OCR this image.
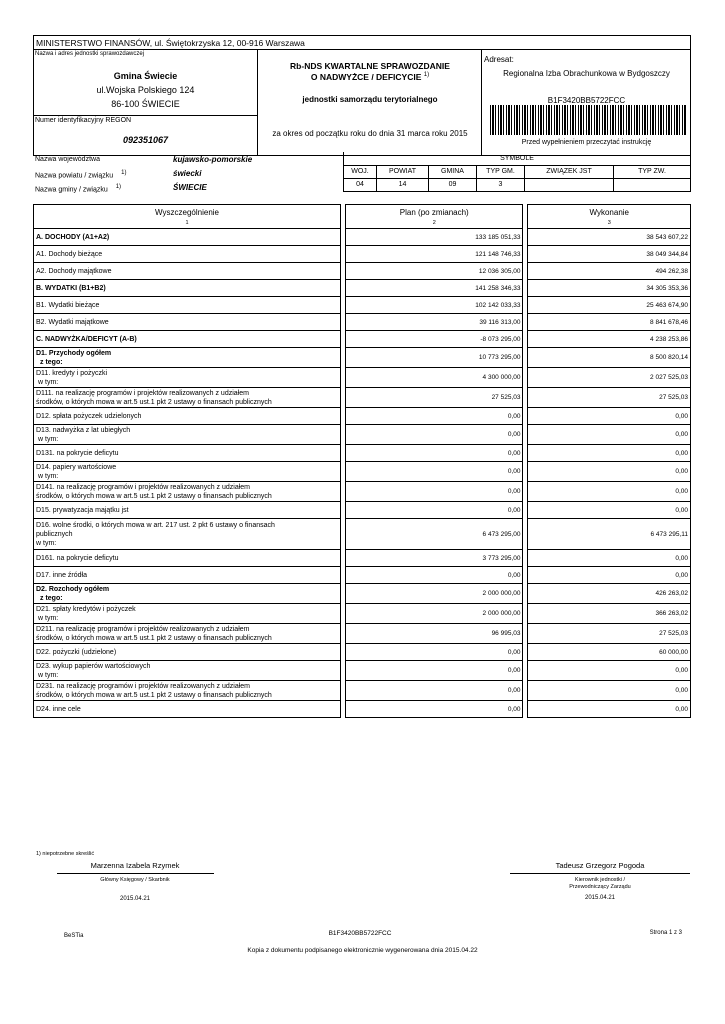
MINISTERSTWO FINANSÓW, ul. Świętokrzyska 12, 00-916 Warszawa
Nazwa i adres jednostki sprawozdawczej
Gmina Świecie
ul.Wojska Polskiego 124
86-100 ŚWIECIE
Numer identyfikacyjny REGON
092351067
Rb-NDS KWARTALNE SPRAWOZDANIE
O NADWYŻCE / DEFICYCIE $^{1)}$
jednostki samorządu terytorialnego
za okres od początku roku do dnia 31 marca roku 2015
Adresat:
Regionalna Izba Obrachunkowa w Bydgoszczy
B1F3420BB5722FCC
Przed wypełnieniem przeczytać instrukcję
Nazwa województwa	kujawsko-pomorskie
Nazwa powiatu / związku $^{1)}$	świecki
Nazwa gminy / związku $^{1)}$	ŚWIECIE
SYMBOLE					
WOJ.	POWIAT	GMINA	TYP GM.	ZWIĄZEK JST	TYP ZW.
04	14	09	3		
Wyszczególnienie		Plan (po zmianach)		Wykonanie
1		2		3

A. DOCHODY (A1+A2)		133 185 051,33		38 543 607,22

A1. Dochody bieżące		121 148 746,33		38 049 344,84

A2. Dochody majątkowe		12 036 305,00		494 262,38

B. WYDATKI (B1+B2)		141 258 346,33		34 305 353,36

B1. Wydatki bieżące		102 142 033,33		25 463 674,90

B2. Wydatki majątkowe		39 116 313,00		8 841 678,46

C. NADWYŻKA/DEFICYT (A-B)		-8 073 295,00		4 238 253,86

D1. Przychody ogółem
z tego:		10 773 295,00		8 500 820,14

D11. kredyty i pożyczki
w tym:		4 300 000,00		2 027 525,03

D111. na realizację programów i projektów realizowanych z udziałem
środków, o których mowa w art.5 ust.1 pkt 2 ustawy o finansach publicznych		27 525,03		27 525,03

D12. spłata pożyczek udzielonych		0,00		0,00

D13. nadwyżka z lat ubiegłych
w tym:		0,00		0,00

D131. na pokrycie deficytu		0,00		0,00

D14. papiery wartościowe
w tym:		0,00		0,00

D141. na realizację programów i projektów realizowanych z udziałem
środków, o których mowa w art.5 ust.1 pkt 2 ustawy o finansach publicznych		0,00		0,00

D15. prywatyzacja majątku jst		0,00		0,00

D16. wolne środki, o których mowa w art. 217 ust. 2 pkt 6 ustawy o finansach
publicznych
w tym:		6 473 295,00		6 473 295,11

D161. na pokrycie deficytu		3 773 295,00		0,00

D17. inne źródła		0,00		0,00

D2. Rozchody ogółem
z tego:		2 000 000,00		426 263,02

D21. spłaty kredytów i pożyczek
w tym:		2 000 000,00		366 263,02

D211. na realizację programów i projektów realizowanych z udziałem
środków, o których mowa w art.5 ust.1 pkt 2 ustawy o finansach publicznych		96 995,03		27 525,03

D22. pożyczki (udzielone)		0,00		60 000,00

D23. wykup papierów wartościowych
w tym:		0,00		0,00

D231. na realizację programów i projektów realizowanych z udziałem
środków, o których mowa w art.5 ust.1 pkt 2 ustawy o finansach publicznych		0,00		0,00

D24. inne cele		0,00		0,00
1) niepotrzebne skreślić
Marzenna Izabela Rzymek
Główny Księgowy / Skarbnik
2015.04.21
Tadeusz Grzegorz Pogoda
Kierownik jednostki /
Przewodniczący Zarządu
2015.04.21
BeSTia	B1F3420BB5722FCC	Strona 1 z 3
Kopia z dokumentu podpisanego elektronicznie wygenerowana dnia 2015.04.22
